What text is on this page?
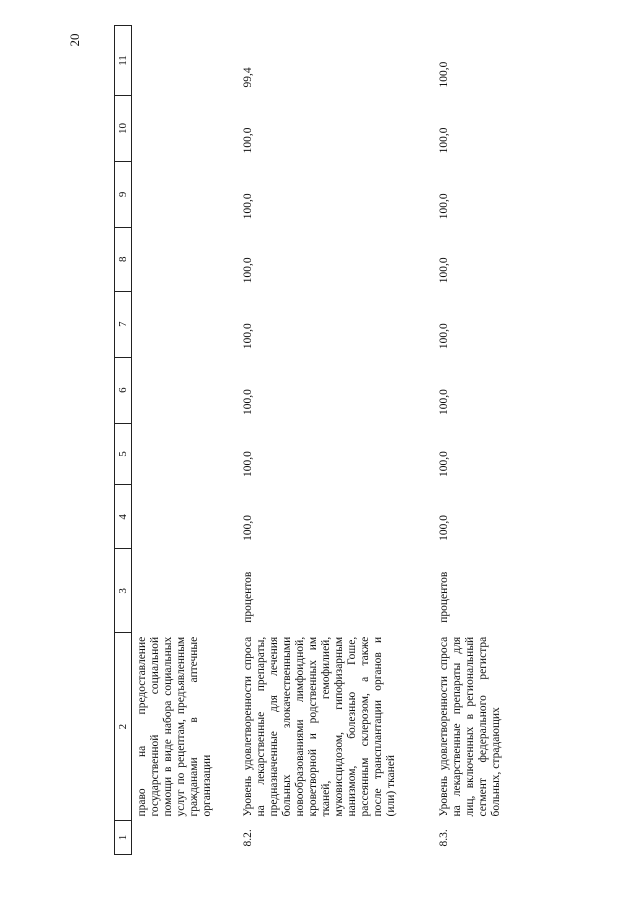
20
1	2	3	4	5	6	7	8	9	10	11
	право на предоставление государственной социальной помощи в виде набора социальных услуг по рецептам, предъявленным гражданами в аптечные организации									
8.2.	Уровень удовлетворенности спроса на лекарственные препараты, предназначенные для лечения больных злокачественными новообразованиями лимфоидной, кроветворной и родственных им тканей, гемофилией, муковисцидозом, гипофизарным нанизмом, болезнью Гоше, рассеянным склерозом, а также после трансплантации органов и (или) тканей	процентов	100,0	100,0	100,0	100,0	100,0	100,0	100,0	99,4
8.3.	Уровень удовлетворенности спроса на лекарственные препараты для лиц, включенных в региональный сегмент федерального регистра больных, страдающих	процентов	100,0	100,0	100,0	100,0	100,0	100,0	100,0	100,0
